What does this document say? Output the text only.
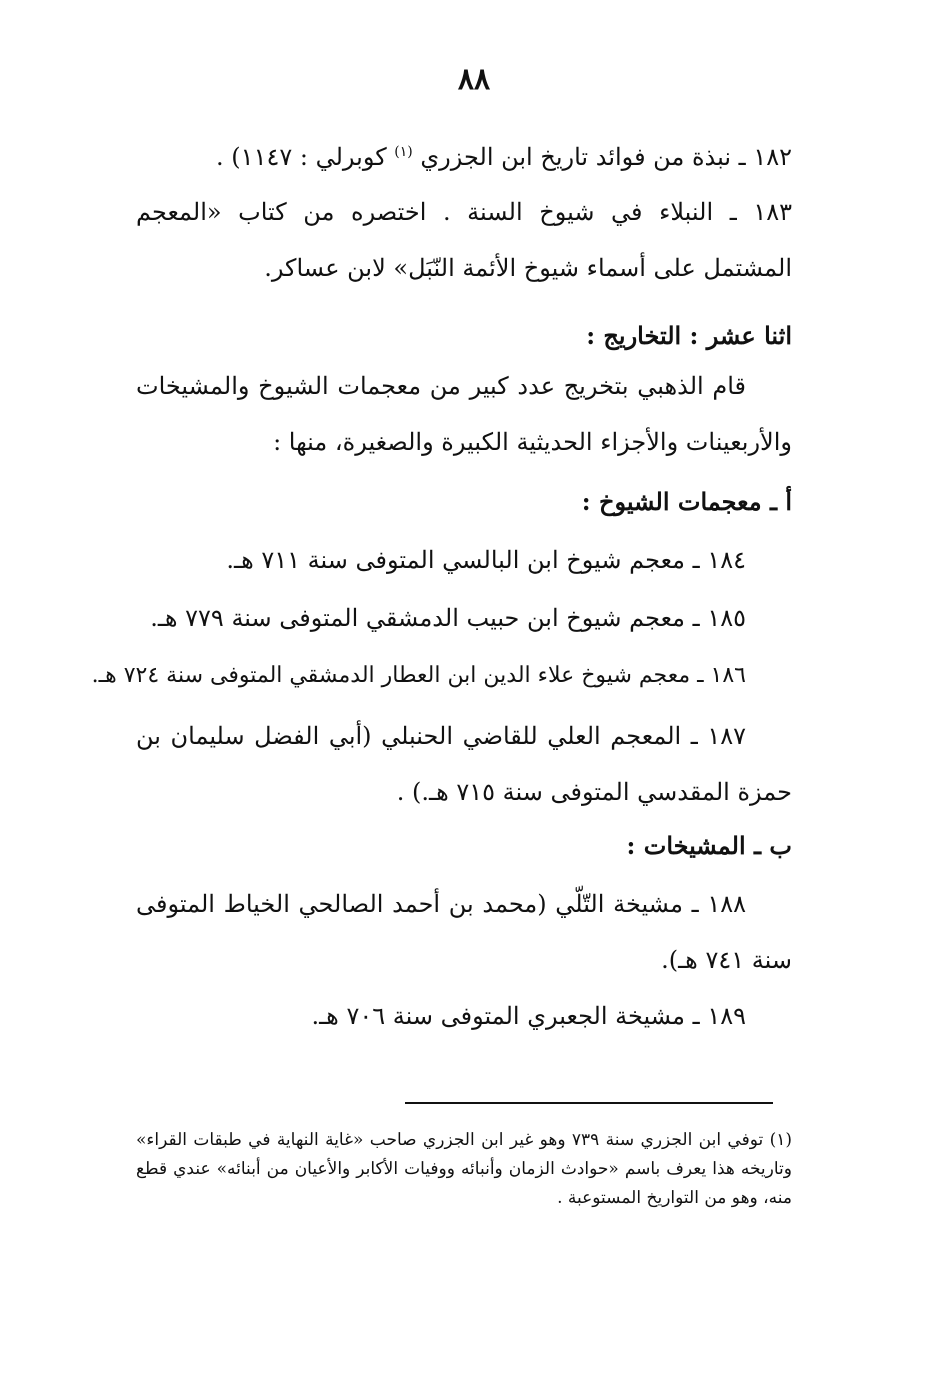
٨٨
١٨٢ ـ نبذة من فوائد تاريخ ابن الجزري $^{(١)}$ كوبرلي : ١١٤٧) .
١٨٣ ـ النبلاء في شيوخ السنة . اختصره من كتاب «المعجم المشتمل على أسماء شيوخ الأئمة النّبَل» لابن عساكر.
اثنا عشر : التخاريج :
قام الذهبي بتخريج عدد كبير من معجمات الشيوخ والمشيخات والأربعينات والأجزاء الحديثية الكبيرة والصغيرة، منها :
أ ـ معجمات الشيوخ :
١٨٤ ـ معجم شيوخ ابن البالسي المتوفى سنة ٧١١ هـ.
١٨٥ ـ معجم شيوخ ابن حبيب الدمشقي المتوفى سنة ٧٧٩ هـ.
١٨٦ ـ معجم شيوخ علاء الدين ابن العطار الدمشقي المتوفى سنة ٧٢٤ هـ.
١٨٧ ـ المعجم العلي للقاضي الحنبلي (أبي الفضل سليمان بن حمزة المقدسي المتوفى سنة ٧١٥ هـ.) .
ب ـ المشيخات :
١٨٨ ـ مشيخة التّلّي (محمد بن أحمد الصالحي الخياط المتوفى سنة ٧٤١ هـ).
١٨٩ ـ مشيخة الجعبري المتوفى سنة ٧٠٦ هـ.
(١) توفي ابن الجزري سنة ٧٣٩ وهو غير ابن الجزري صاحب «غاية النهاية في طبقات القراء» وتاريخه هذا يعرف باسم «حوادث الزمان وأنبائه ووفيات الأكابر والأعيان من أبنائه» عندي قطع منه، وهو من التواريخ المستوعبة .
